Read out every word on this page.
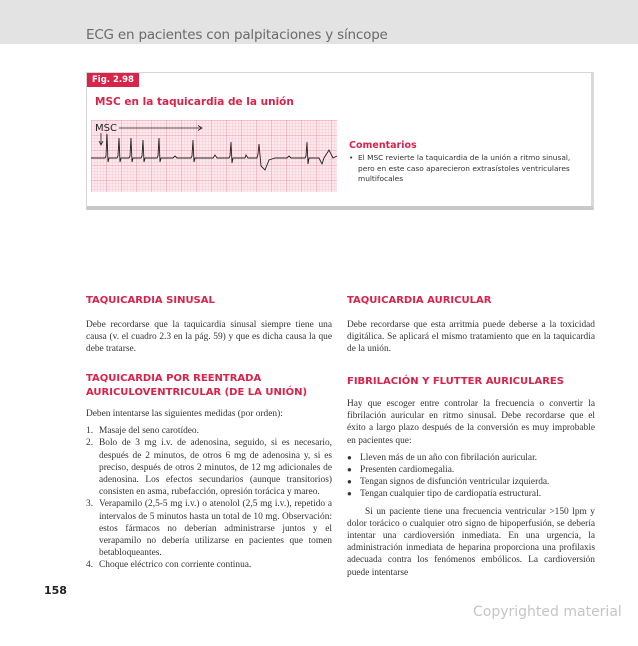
ECG en pacientes con palpitaciones y síncope
Fig. 2.98
MSC en la taquicardia de la unión
MSC
Comentarios
• El MSC revierte la taquicardia de la unión a ritmo sinusal, pero en este caso aparecieron extrasístoles ventriculares multifocales
TAQUICARDIA SINUSAL

Debe recordarse que la taquicardia sinusal siempre tiene una causa (v. el cuadro 2.3 en la pág. 59) y que es dicha causa la que debe tratarse.

TAQUICARDIA POR REENTRADA
AURICULOVENTRICULAR (DE LA UNIÓN)

Deben intentarse las siguientes medidas (por orden):

1. Masaje del seno carotídeo.
2. Bolo de 3 mg i.v. de adenosina, seguido, si es necesario, después de 2 minutos, de otros 6 mg de adenosina y, si es preciso, después de otros 2 minutos, de 12 mg adicionales de adenosina. Los efectos secundarios (aunque transitorios) consisten en asma, rubefacción, opresión torácica y mareo.
3. Verapamilo (2,5-5 mg i.v.) o atenolol (2,5 mg i.v.), repetido a intervalos de 5 minutos hasta un total de 10 mg. Observación: estos fármacos no deberían administrarse juntos y el verapamilo no debería utilizarse en pacientes que tomen betabloqueantes.
4. Choque eléctrico con corriente continua.
TAQUICARDIA AURICULAR

Debe recordarse que esta arritmia puede deberse a la toxicidad digitálica. Se aplicará el mismo tratamiento que en la taquicardia de la unión.

FIBRILACIÓN Y FLUTTER AURICULARES

Hay que escoger entre controlar la frecuencia o convertir la fibrilación auricular en ritmo sinusal. Debe recordarse que el éxito a largo plazo después de la conversión es muy improbable en pacientes que:

● Lleven más de un año con fibrilación auricular.
● Presenten cardiomegalia.
● Tengan signos de disfunción ventricular izquierda.
● Tengan cualquier tipo de cardiopatía estructural.

Si un paciente tiene una frecuencia ventricular >150 lpm y dolor torácico o cualquier otro signo de hipoperfusión, se debería intentar una cardioversión inmediata. En una urgencia, la administración inmediata de heparina proporciona una profilaxis adecuada contra los fenómenos embólicos. La cardioversión puede intentarse

158
Copyrighted material
